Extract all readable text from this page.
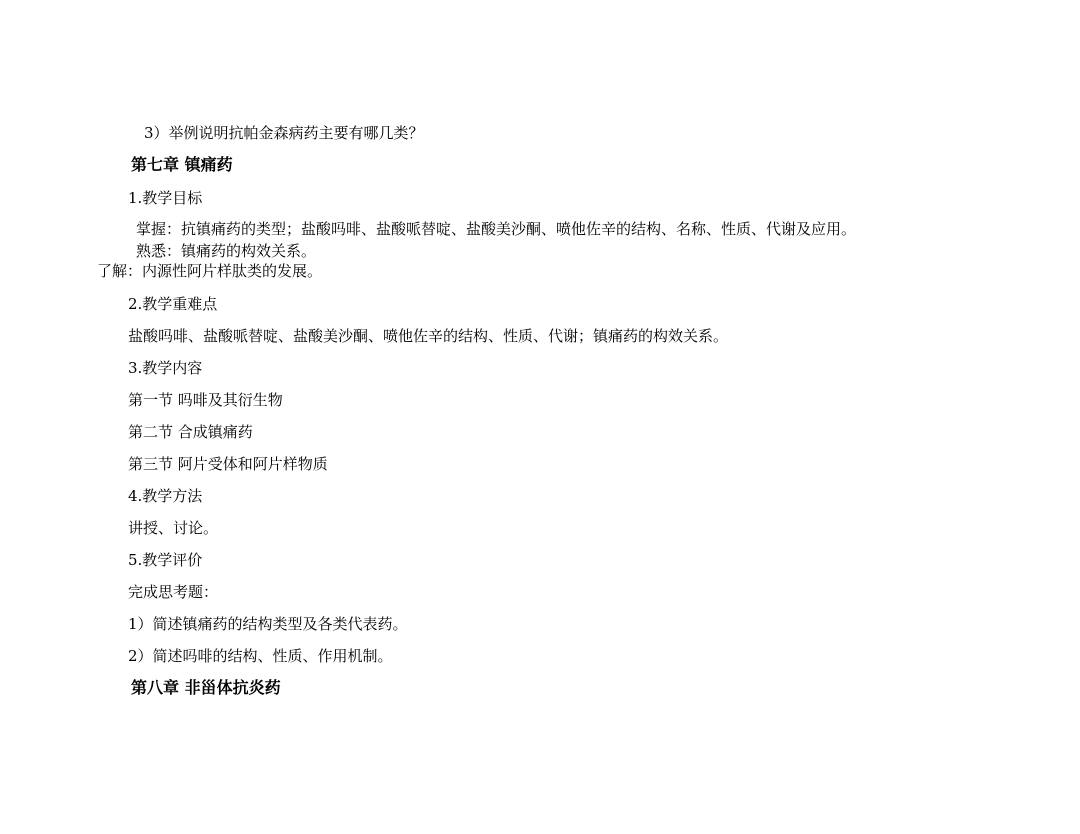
3）举例说明抗帕金森病药主要有哪几类？
第七章 镇痛药
1.教学目标
掌握：抗镇痛药的类型；盐酸吗啡、盐酸哌替啶、盐酸美沙酮、喷他佐辛的结构、名称、性质、代谢及应用。
熟悉：镇痛药的构效关系。
了解：内源性阿片样肽类的发展。
2.教学重难点
盐酸吗啡、盐酸哌替啶、盐酸美沙酮、喷他佐辛的结构、性质、代谢；镇痛药的构效关系。
3.教学内容
第一节 吗啡及其衍生物
第二节 合成镇痛药
第三节 阿片受体和阿片样物质
4.教学方法
讲授、讨论。
5.教学评价
完成思考题：
1）简述镇痛药的结构类型及各类代表药。
2）简述吗啡的结构、性质、作用机制。
第八章 非甾体抗炎药
